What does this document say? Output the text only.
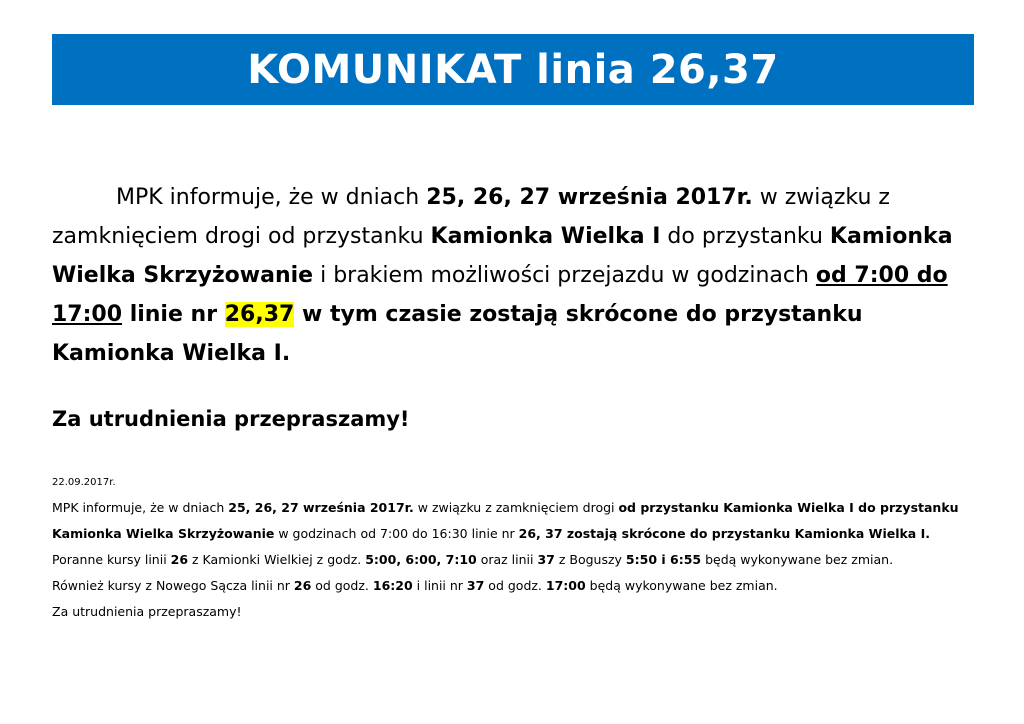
KOMUNIKAT linia 26,37

MPK informuje, że w dniach 25, 26, 27 września 2017r. w związku z zamknięciem drogi od przystanku Kamionka Wielka I do przystanku Kamionka Wielka Skrzyżowanie i brakiem możliwości przejazdu w godzinach od 7:00 do 17:00 linie nr 26,37 w tym czasie zostają skrócone do przystanku Kamionka Wielka I.

Za utrudnienia przepraszamy!
22.09.2017r.

MPK informuje, że w dniach 25, 26, 27 września 2017r. w związku z zamknięciem drogi od przystanku Kamionka Wielka I do przystanku Kamionka Wielka Skrzyżowanie w godzinach od 7:00 do 16:30 linie nr 26, 37 zostają skrócone do przystanku Kamionka Wielka I. Poranne kursy linii 26 z Kamionki Wielkiej z godz. 5:00, 6:00, 7:10 oraz linii 37 z Boguszy 5:50 i 6:55 będą wykonywane bez zmian.

Również kursy z Nowego Sącza linii nr 26 od godz. 16:20 i linii nr 37 od godz. 17:00 będą wykonywane bez zmian.

Za utrudnienia przepraszamy!
